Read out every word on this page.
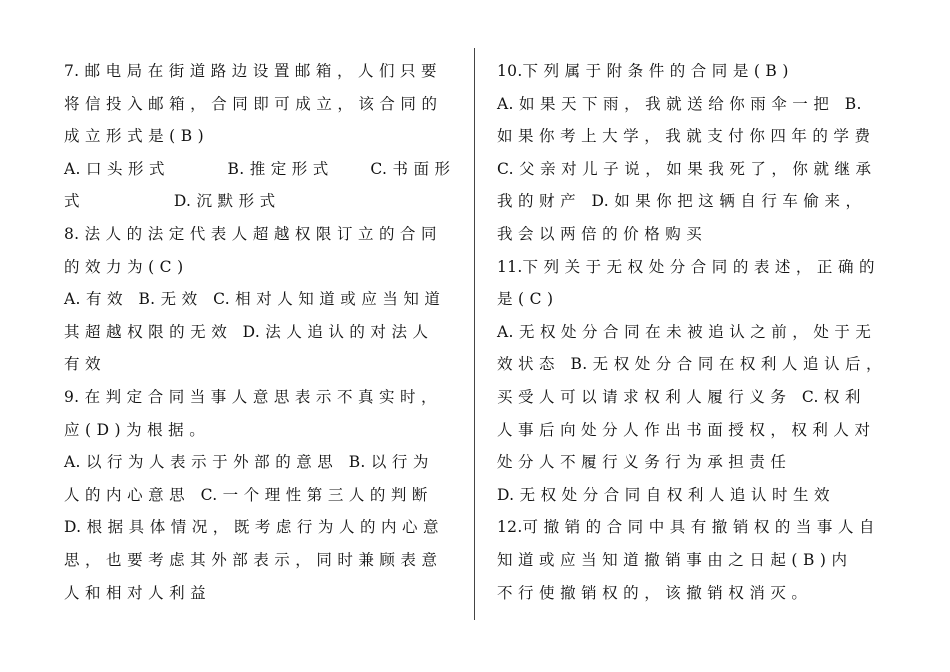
7. 邮 电 局 在 街 道 路 边 设 置 邮 箱 ， 人 们 只 要
将 信 投 入 邮 箱 ， 合 同 即 可 成 立 ， 该 合 同 的
成 立 形 式 是 ( B )
A. 口 头 形 式            B. 推 定 形 式        C. 书 面 形
式                  D. 沉 默 形 式
8. 法 人 的 法 定 代 表 人 超 越 权 限 订 立 的 合 同
的 效 力 为 ( C )
A. 有 效   B. 无 效   C. 相 对 人 知 道 或 应 当 知 道
其 超 越 权 限 的 无 效   D. 法 人 追 认 的 对 法 人
有 效
9. 在 判 定 合 同 当 事 人 意 思 表 示 不 真 实 时 ，
应 ( D ) 为 根 据 。
A. 以 行 为 人 表 示 于 外 部 的 意 思   B. 以 行 为
人 的 内 心 意 思   C. 一 个 理 性 第 三 人 的 判 断
D. 根 据 具 体 情 况 ， 既 考 虑 行 为 人 的 内 心 意
思 ， 也 要 考 虑 其 外 部 表 示 ， 同 时 兼 顾 表 意
人 和 相 对 人 利 益
10.下 列 属 于 附 条 件 的 合 同 是 ( B )
A. 如 果 天 下 雨 ， 我 就 送 给 你 雨 伞 一 把   B.
如 果 你 考 上 大 学 ， 我 就 支 付 你 四 年 的 学 费
C. 父 亲 对 儿 子 说 ， 如 果 我 死 了 ， 你 就 继 承
我 的 财 产   D. 如 果 你 把 这 辆 自 行 车 偷 来 ，
我 会 以 两 倍 的 价 格 购 买
11.下 列 关 于 无 权 处 分 合 同 的 表 述 ， 正 确 的
是 ( C )
A. 无 权 处 分 合 同 在 未 被 追 认 之 前 ， 处 于 无
效 状 态   B. 无 权 处 分 合 同 在 权 利 人 追 认 后 ，
买 受 人 可 以 请 求 权 利 人 履 行 义 务   C. 权 利
人 事 后 向 处 分 人 作 出 书 面 授 权 ， 权 利 人 对
处 分 人 不 履 行 义 务 行 为 承 担 责 任
D. 无 权 处 分 合 同 自 权 利 人 追 认 时 生 效
12.可 撤 销 的 合 同 中 具 有 撤 销 权 的 当 事 人 自
知 道 或 应 当 知 道 撤 销 事 由 之 日 起 ( B ) 内
不 行 使 撤 销 权 的 ， 该 撤 销 权 消 灭 。
